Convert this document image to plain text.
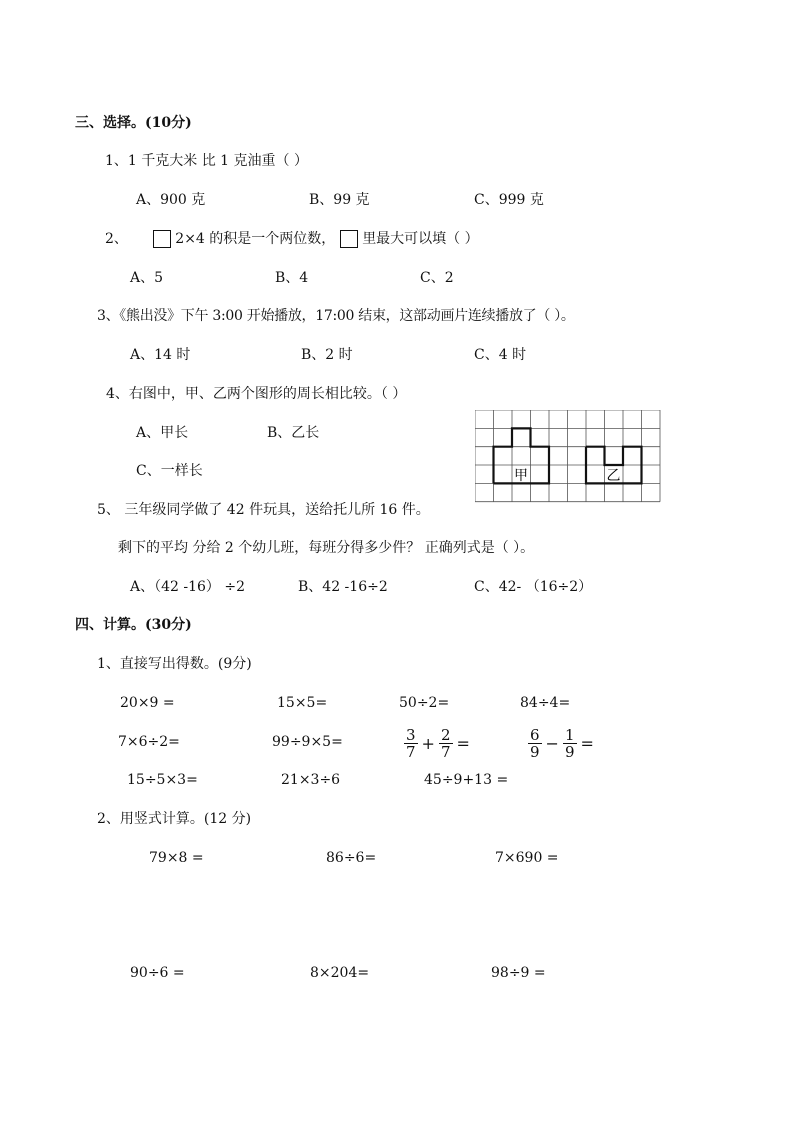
三、选择。(10分)
1、1 千克大米 比 1 克油重（ ）
A、900 克	B、99 克	C、999 克
2、	2×4 的积是一个两位数， 里最大可以填（ ）
A、5	B、4	C、2
3、《熊出没》下午 3:00 开始播放，17:00 结束，这部动画片连续播放了（ ）。
A、14 时	B、2 时	C、4 时
4、右图中，甲、乙两个图形的周长相比较。（ ）
A、甲长	B、乙长
C、一样长	甲	乙
5、 三年级同学做了 42 件玩具，送给托儿所 16 件。
剩下的平均 分给 2 个幼儿班，每班分得多少件？ 正确列式是（ ）。
A、（42 -16） ÷2	B、42 -16÷2	C、42- （16÷2）
四、计算。(30分)
1、直接写出得数。(9分)
20×9 =	15×5=	50÷2=	84÷4=
7×6÷2=	99÷9×5=	$\frac{3}{7} + \frac{2}{7}$ =	$\frac{6}{9} - \frac{1}{9}$ =
15÷5×3=	21×3÷6	45÷9+13 =
2、用竖式计算。(12 分)
79×8 =	86÷6=	7×690 =
90÷6 =	8×204=	98÷9 =
